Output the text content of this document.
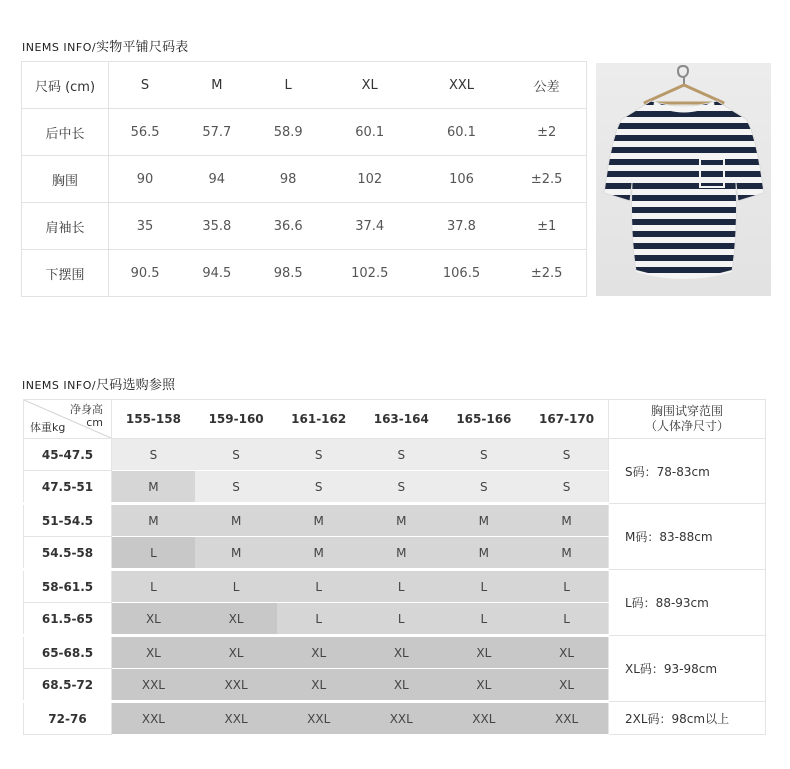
INEMS INFO/实物平铺尺码表
尺码 (cm)	S	M	L	XL	XXL	公差
后中长	56.5	57.7	58.9	60.1	60.1	±2
胸围	90	94	98	102	106	±2.5
肩袖长	35	35.8	36.6	37.4	37.8	±1
下摆围	90.5	94.5	98.5	102.5	106.5	±2.5
INEMS INFO/尺码选购参照
净身高
cm
体重kg	155-158	159-160	161-162	163-164	165-166	167-170	胸围试穿范围
（人体净尺寸）
45-47.5	S	S	S	S	S	S	S码：78-83cm
47.5-51	M	S	S	S	S	S	
51-54.5	M	M	M	M	M	M	M码：83-88cm
54.5-58	L	M	M	M	M	M	
58-61.5	L	L	L	L	L	L	L码：88-93cm
61.5-65	XL	XL	L	L	L	L	
65-68.5	XL	XL	XL	XL	XL	XL	XL码：93-98cm
68.5-72	XXL	XXL	XL	XL	XL	XL	
72-76	XXL	XXL	XXL	XXL	XXL	XXL	2XL码：98cm以上
